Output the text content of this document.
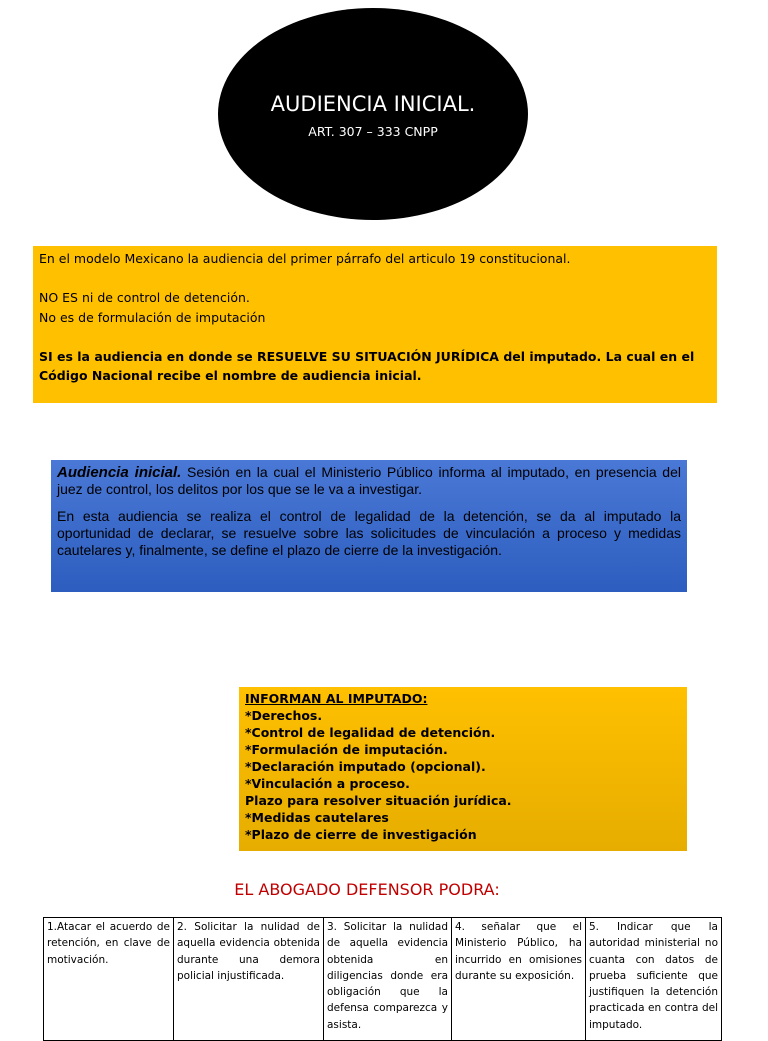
AUDIENCIA INICIAL.
ART. 307 – 333 CNPP

En el modelo Mexicano la audiencia del primer párrafo del articulo 19 constitucional.

NO ES ni de control de detención.

No es de formulación de imputación

SI es la audiencia en donde se RESUELVE SU SITUACIÓN JURÍDICA del imputado. La cual en el Código Nacional recibe el nombre de audiencia inicial.

Audiencia inicial. Sesión en la cual el Ministerio Público informa al imputado, en presencia del juez de control, los delitos por los que se le va a investigar.

En esta audiencia se realiza el control de legalidad de la detención, se da al imputado la oportunidad de declarar, se resuelve sobre las solicitudes de vinculación a proceso y medidas cautelares y, finalmente, se define el plazo de cierre de la investigación.

INFORMAN AL IMPUTADO:
*Derechos.
*Control de legalidad de detención.
*Formulación de imputación.
*Declaración imputado (opcional).
*Vinculación a proceso.
Plazo para resolver situación jurídica.
*Medidas cautelares
*Plazo de cierre de investigación
EL ABOGADO DEFENSOR PODRA:
1.Atacar el acuerdo de retención, en clave de motivación.	2. Solicitar la nulidad de aquella evidencia obtenida durante una demora policial injustificada.	3. Solicitar la nulidad de aquella evidencia obtenida en diligencias donde era obligación que la defensa comparezca y asista.	4. señalar que el Ministerio Público, ha incurrido en omisiones durante su exposición.	5. Indicar que la autoridad ministerial no cuanta con datos de prueba suficiente que justifiquen la detención practicada en contra del imputado.
